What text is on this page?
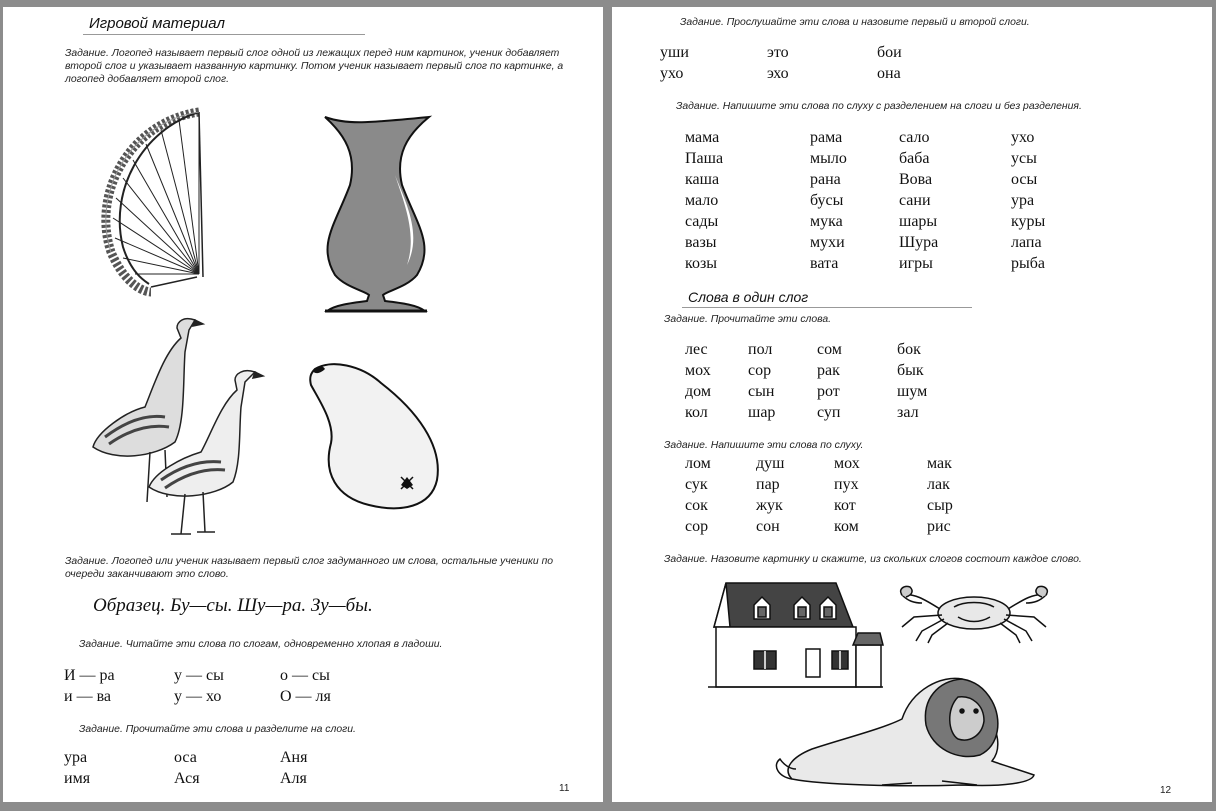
Игровой материал
Задание. Логопед называет первый слог одной из лежащих перед ним картинок, ученик добавляет второй слог и указывает названную картинку. Потом ученик называет первый слог по картинке, а логопед добавляет второй слог.
Задание. Логопед или ученик называет первый слог задуманного им слова, остальные ученики по очереди заканчивают это слово.
Образец. Бу—сы. Шу—ра. Зу—бы.
Задание. Читайте эти слова по слогам, одновременно хлопая в ладоши.
И — ра	у — сы	о — сы
и — ва	у — хо	О — ля
Задание. Прочитайте эти слова и разделите на слоги.
ура	оса	Аня
имя	Ася	Аля
11
Задание. Прослушайте эти слова и назовите первый и второй слоги.
уши	это	бои
ухо	эхо	она
Задание. Напишите эти слова по слуху с разделением на слоги и без разделения.
мама	рама	сало	ухо
Паша	мыло	баба	усы
каша	рана	Вова	осы
мало	бусы	сани	ура
сады	мука	шары	куры
вазы	мухи	Шура	лапа
козы	вата	игры	рыба
Слова в один слог
Задание. Прочитайте эти слова.
лес	пол	сом	бок
мох сор	рак	бык
дом сын	рот	шум
кол	шар	суп	зал
Задание. Напишите эти слова по слуху.
лом	душ	мох	мак
сук	пар	пух	лак
сок	жук	кот	сыр
сор	сон	ком	рис
Задание. Назовите картинку и скажите, из скольких слогов состоит каждое слово.
12
